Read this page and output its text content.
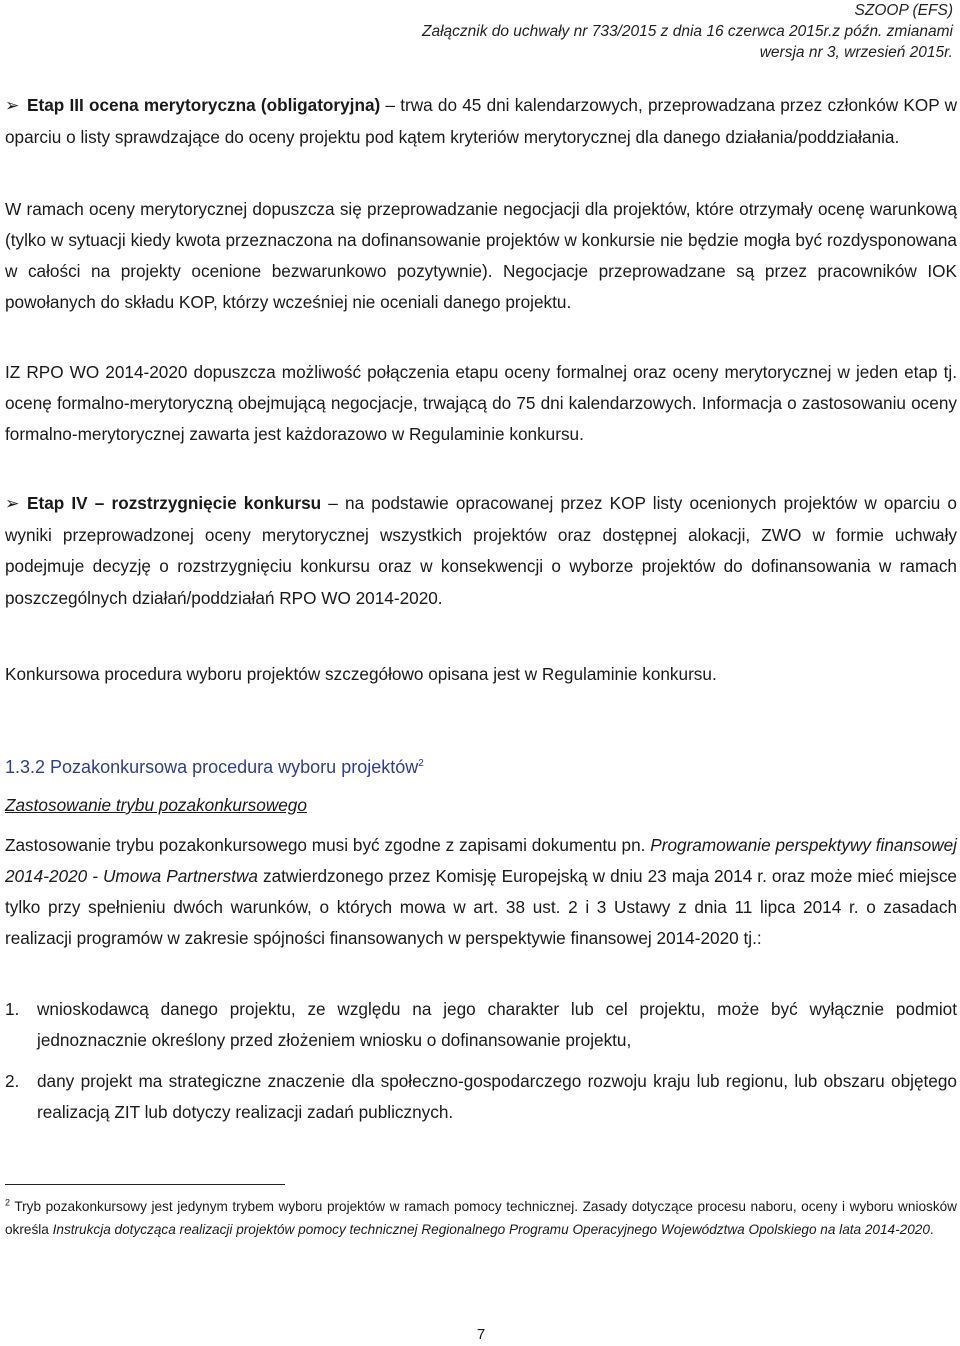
SZOOP (EFS)
Załącznik do uchwały nr 733/2015 z dnia 16 czerwca 2015r.z późn. zmianami
wersja nr 3, wrzesień 2015r.

➢ Etap III ocena merytoryczna (obligatoryjna) – trwa do 45 dni kalendarzowych, przeprowadzana przez członków KOP w oparciu o listy sprawdzające do oceny projektu pod kątem kryteriów merytorycznej dla danego działania/poddziałania.

W ramach oceny merytorycznej dopuszcza się przeprowadzanie negocjacji dla projektów, które otrzymały ocenę warunkową (tylko w sytuacji kiedy kwota przeznaczona na dofinansowanie projektów w konkursie nie będzie mogła być rozdysponowana w całości na projekty ocenione bezwarunkowo pozytywnie). Negocjacje przeprowadzane są przez pracowników IOK powołanych do składu KOP, którzy wcześniej nie oceniali danego projektu.

IZ RPO WO 2014-2020 dopuszcza możliwość połączenia etapu oceny formalnej oraz oceny merytorycznej w jeden etap tj. ocenę formalno-merytoryczną obejmującą negocjacje, trwającą do 75 dni kalendarzowych. Informacja o zastosowaniu oceny formalno-merytorycznej zawarta jest każdorazowo w Regulaminie konkursu.

➢ Etap IV – rozstrzygnięcie konkursu – na podstawie opracowanej przez KOP listy ocenionych projektów w oparciu o wyniki przeprowadzonej oceny merytorycznej wszystkich projektów oraz dostępnej alokacji, ZWO w formie uchwały podejmuje decyzję o rozstrzygnięciu konkursu oraz w konsekwencji o wyborze projektów do dofinansowania w ramach poszczególnych działań/poddziałań RPO WO 2014-2020.

Konkursowa procedura wyboru projektów szczegółowo opisana jest w Regulaminie konkursu.

1.3.2 Pozakonkursowa procedura wyboru projektów$^2$
Zastosowanie trybu pozakonkursowego

Zastosowanie trybu pozakonkursowego musi być zgodne z zapisami dokumentu pn. Programowanie perspektywy finansowej 2014-2020 - Umowa Partnerstwa zatwierdzonego przez Komisję Europejską w dniu 23 maja 2014 r. oraz może mieć miejsce tylko przy spełnieniu dwóch warunków, o których mowa w art. 38 ust. 2 i 3 Ustawy z dnia 11 lipca 2014 r. o zasadach realizacji programów w zakresie spójności finansowanych w perspektywie finansowej 2014-2020 tj.:

1. wnioskodawcą danego projektu, ze względu na jego charakter lub cel projektu, może być wyłącznie podmiot jednoznacznie określony przed złożeniem wniosku o dofinansowanie projektu,
2. dany projekt ma strategiczne znaczenie dla społeczno-gospodarczego rozwoju kraju lub regionu, lub obszaru objętego realizacją ZIT lub dotyczy realizacji zadań publicznych.
$^2$ Tryb pozakonkursowy jest jedynym trybem wyboru projektów w ramach pomocy technicznej. Zasady dotyczące procesu naboru, oceny i wyboru wniosków określa Instrukcja dotycząca realizacji projektów pomocy technicznej Regionalnego Programu Operacyjnego Województwa Opolskiego na lata 2014-2020.
7
